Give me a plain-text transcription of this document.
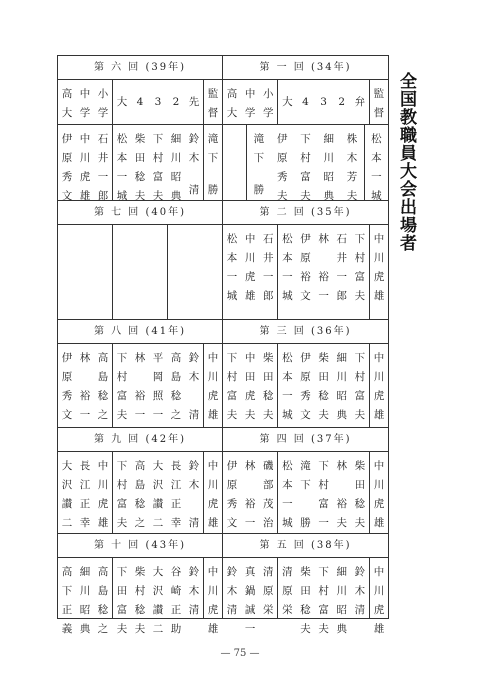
全国教職員大会出場者
第 六 回 (39年)
高
大
中
学
小
学
大 4 3 2 先
監
督
伊
原
秀
文
中
川
虎
雄
石
井
一
郎
松
本
一
城
柴
田
稔
夫
下
村
富
夫
細
川
昭
典
鈴
木
清
滝
下
勝
第 七 回 (40年)
第 八 回 (41年)
伊
原
秀
文
林
裕
一
高
島
稔
之
下
村
富
夫
林
裕
一
平
岡
照
一
高
島
稔
之
鈴
木
清
中
川
虎
雄
第 九 回 (42年)
大
沢
讃
二
長
江
正
幸
中
川
虎
雄
下
村
富
夫
高
島
稔
之
大
沢
讃
二
長
江
正
幸
鈴
木
清
中
川
虎
雄
第 十 回 (43年)
高
下
正
義
細
川
昭
典
高
島
稔
之
下
田
富
夫
柴
村
稔
夫
大
沢
讃
二
谷
崎
正
助
鈴
木
清
中
川
虎
雄
第 一 回 (34年)
高
大
中
学
小
学
大 4 3 2 弁
監
督
滝
下
勝
伊
原
秀
夫
下
村
富
夫
細
川
昭
典
株
木
芳
夫
松
本
一
城
第 二 回 (35年)
松
本
一
城
中
川
虎
雄
石
井
一
郎
松
本
一
城
伊
原
裕
文
林
裕
一
石
井
一
郎
下
村
富
夫
中
川
虎
雄
第 三 回 (36年)
下
村
富
夫
中
田
虎
夫
柴
田
稔
夫
松
本
一
城
伊
原
秀
文
柴
田
稔
夫
細
川
昭
典
下
村
富
夫
中
川
虎
雄
第 四 回 (37年)
伊
原
秀
文
林
裕
一
磯
部
茂
治
松
本
一
城
滝
下
勝
下
村
富
一
林
裕
夫
柴
田
稔
夫
中
川
虎
雄
第 五 回 (38年)
鈴
木
清
真
鍋
誠
一
清
原
栄
清
原
栄
柴
田
稔
夫
下
村
富
夫
細
川
昭
典
鈴
木
清
中
川
虎
雄
— 75 —
